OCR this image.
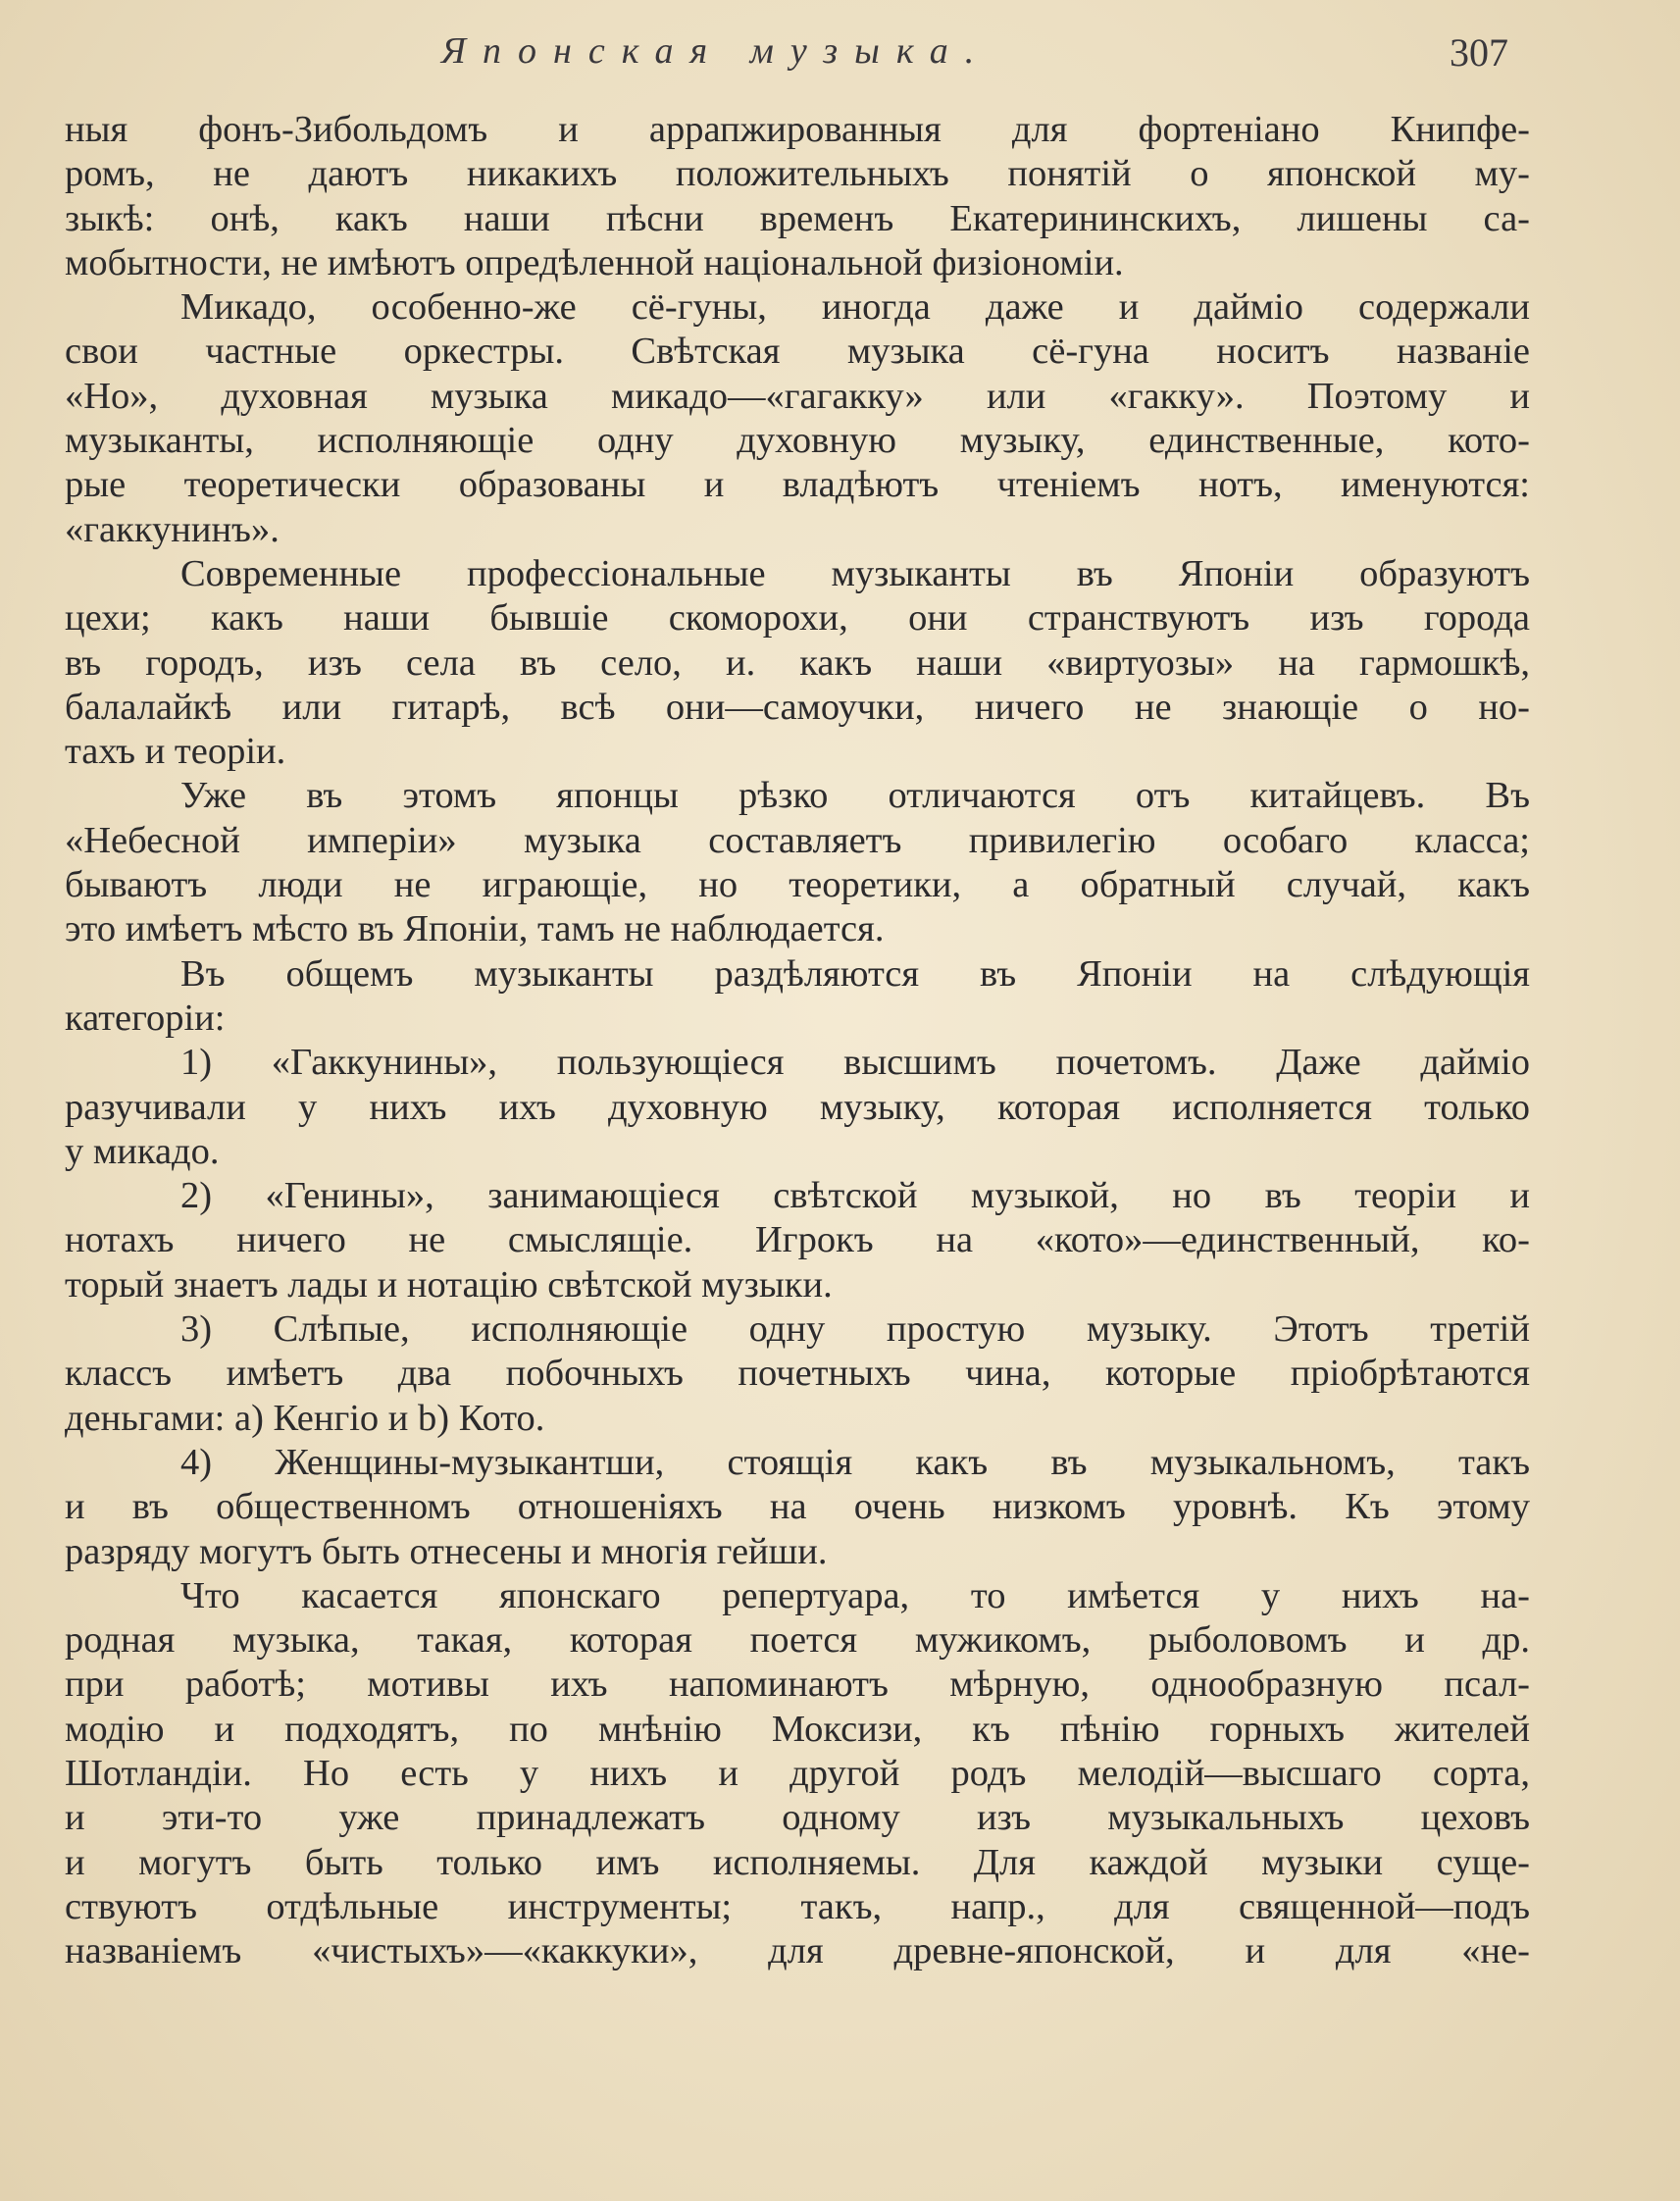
Японская музыка.	307
ныя фонъ-Зибольдомъ и аррапжированныя для фортеніано Книпфе-
ромъ, не даютъ никакихъ положительныхъ понятій о японской му-
зыкѣ: онѣ, какъ наши пѣсни временъ Екатерининскихъ, лишены са-
мобытности, не имѣютъ опредѣленной національной физіономіи.
Микадо, особенно-же сё-гуны, иногда даже и дайміо содержали
свои частные оркестры. Свѣтская музыка сё-гуна носитъ названіе
«Но», духовная музыка микадо—«гагакку» или «гакку». Поэтому и
музыканты, исполняющіе одну духовную музыку, единственные, кото-
рые теоретически образованы и владѣютъ чтеніемъ нотъ, именуются:
«гаккунинъ».
Современные профессіональные музыканты въ Японіи образуютъ
цехи; какъ наши бывшіе скоморохи, они странствуютъ изъ города
въ городъ, изъ села въ село, и. какъ наши «виртуозы» на гармошкѣ,
балалайкѣ или гитарѣ, всѣ они—самоучки, ничего не знающіе о но-
тахъ и теоріи.
Уже въ этомъ японцы рѣзко отличаются отъ китайцевъ. Въ
«Небесной имперіи» музыка составляетъ привилегію особаго класса;
бываютъ люди не играющіе, но теоретики, а обратный случай, какъ
это имѣетъ мѣсто въ Японіи, тамъ не наблюдается.
Въ общемъ музыканты раздѣляются въ Японіи на слѣдующія
категоріи:
1) «Гаккунины», пользующіеся высшимъ почетомъ. Даже дайміо
разучивали у нихъ ихъ духовную музыку, которая исполняется только
у микадо.
2) «Генины», занимающіеся свѣтской музыкой, но въ теоріи и
нотахъ ничего не смыслящіе. Игрокъ на «кото»—единственный, ко-
торый знаетъ лады и нотацію свѣтской музыки.
3) Слѣпые, исполняющіе одну простую музыку. Этотъ третій
классъ имѣетъ два побочныхъ почетныхъ чина, которые пріобрѣтаются
деньгами: a) Кенгіо и b) Кото.
4) Женщины-музыкантши, стоящія какъ въ музыкальномъ, такъ
и въ общественномъ отношеніяхъ на очень низкомъ уровнѣ. Къ этому
разряду могутъ быть отнесены и многія гейши.
Что касается японскаго репертуара, то имѣется у нихъ на-
родная музыка, такая, которая поется мужикомъ, рыболовомъ и др.
при работѣ; мотивы ихъ напоминаютъ мѣрную, однообразную псал-
модію и подходятъ, по мнѣнію Моксизи, къ пѣнію горныхъ жителей
Шотландіи. Но есть у нихъ и другой родъ мелодій—высшаго сорта,
и эти-то уже принадлежатъ одному изъ музыкальныхъ цеховъ
и могутъ быть только имъ исполняемы. Для каждой музыки суще-
ствуютъ отдѣльные инструменты; такъ, напр., для священной—подъ
названіемъ «чистыхъ»—«каккуки», для древне-японской, и для «не-
